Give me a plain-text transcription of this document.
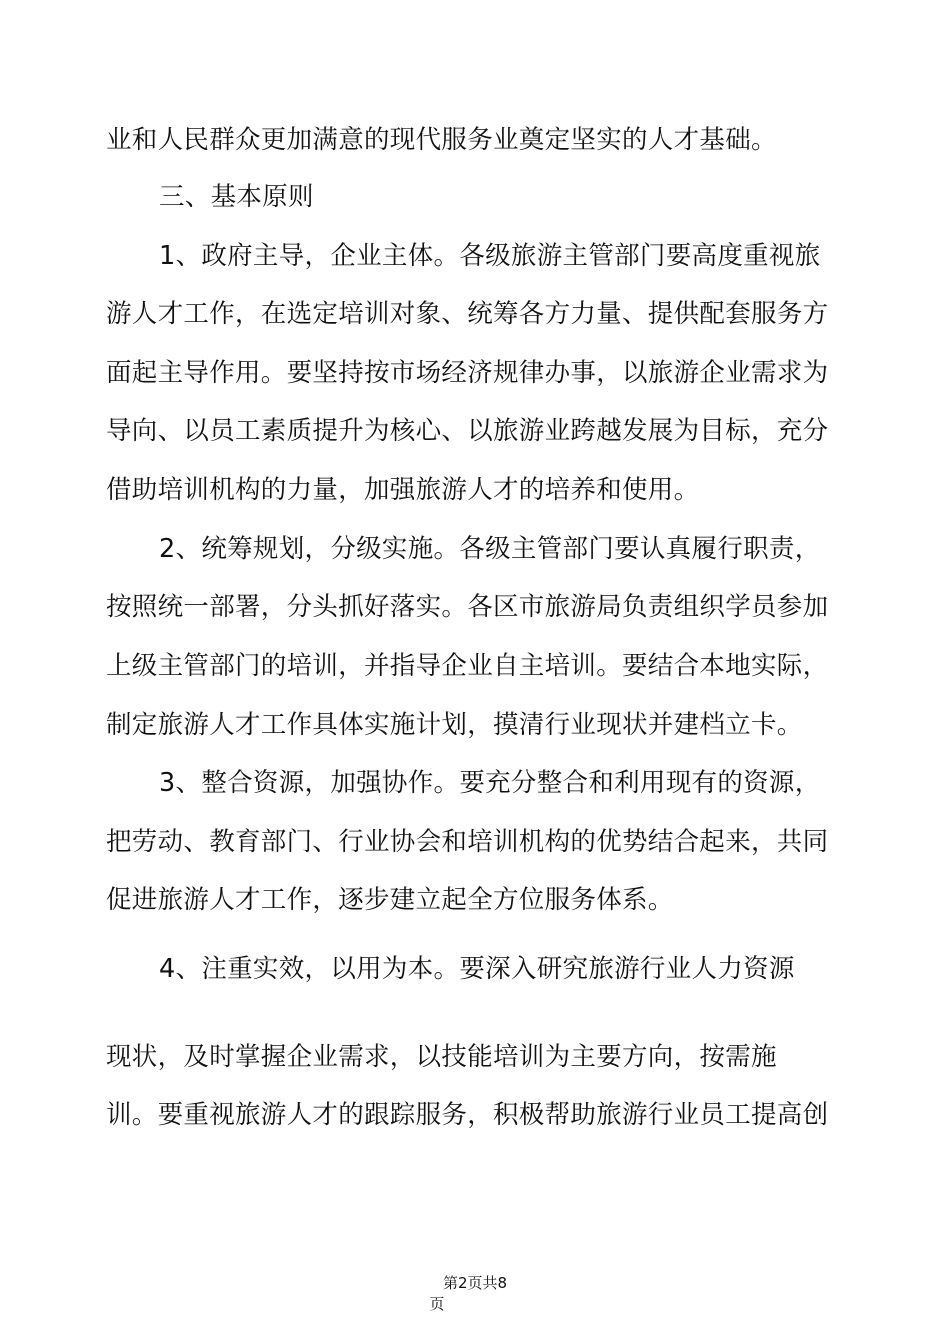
业和人民群众更加满意的现代服务业奠定坚实的人才基础。
三、基本原则
1、政府主导，企业主体。各级旅游主管部门要高度重视旅
游人才工作，在选定培训对象、统筹各方力量、提供配套服务方
面起主导作用。要坚持按市场经济规律办事，以旅游企业需求为
导向、以员工素质提升为核心、以旅游业跨越发展为目标，充分
借助培训机构的力量，加强旅游人才的培养和使用。
2、统筹规划，分级实施。各级主管部门要认真履行职责，
按照统一部署，分头抓好落实。各区市旅游局负责组织学员参加
上级主管部门的培训，并指导企业自主培训。要结合本地实际，
制定旅游人才工作具体实施计划，摸清行业现状并建档立卡。
3、整合资源，加强协作。要充分整合和利用现有的资源，
把劳动、教育部门、行业协会和培训机构的优势结合起来，共同
促进旅游人才工作，逐步建立起全方位服务体系。
4、注重实效，以用为本。要深入研究旅游行业人力资源
现状，及时掌握企业需求，以技能培训为主要方向，按需施
训。要重视旅游人才的跟踪服务，积极帮助旅游行业员工提高创
第2页共8
页
